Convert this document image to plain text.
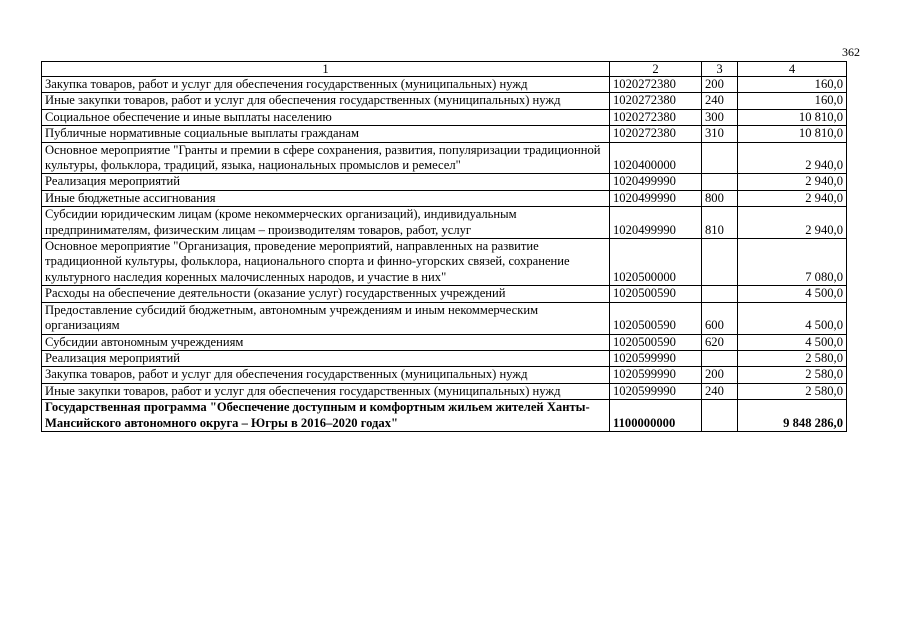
362
1	2	3	4
Закупка товаров, работ и услуг для обеспечения государственных (муниципальных) нужд	1020272380	200	160,0
Иные закупки товаров, работ и услуг для обеспечения государственных (муниципальных) нужд	1020272380	240	160,0
Социальное обеспечение и иные выплаты населению	1020272380	300	10 810,0
Публичные нормативные социальные выплаты гражданам	1020272380	310	10 810,0
Основное мероприятие "Гранты и премии в сфере сохранения, развития, популяризации традиционной культуры, фольклора, традиций, языка, национальных промыслов и ремесел"	1020400000		2 940,0
Реализация мероприятий	1020499990		2 940,0
Иные бюджетные ассигнования	1020499990	800	2 940,0
Субсидии юридическим лицам (кроме некоммерческих организаций), индивидуальным предпринимателям, физическим лицам – производителям товаров, работ, услуг	1020499990	810	2 940,0
Основное мероприятие "Организация, проведение мероприятий, направленных на развитие традиционной культуры, фольклора, национального спорта и финно-угорских связей, сохранение культурного наследия коренных малочисленных народов, и участие в них"	1020500000		7 080,0
Расходы на обеспечение деятельности (оказание услуг) государственных учреждений	1020500590		4 500,0
Предоставление субсидий бюджетным, автономным учреждениям и иным некоммерческим организациям	1020500590	600	4 500,0
Субсидии автономным учреждениям	1020500590	620	4 500,0
Реализация мероприятий	1020599990		2 580,0
Закупка товаров, работ и услуг для обеспечения государственных (муниципальных) нужд	1020599990	200	2 580,0
Иные закупки товаров, работ и услуг для обеспечения государственных (муниципальных) нужд	1020599990	240	2 580,0
Государственная программа "Обеспечение доступным и комфортным жильем жителей Ханты-Мансийского автономного округа – Югры в 2016–2020 годах"	1100000000		9 848 286,0
